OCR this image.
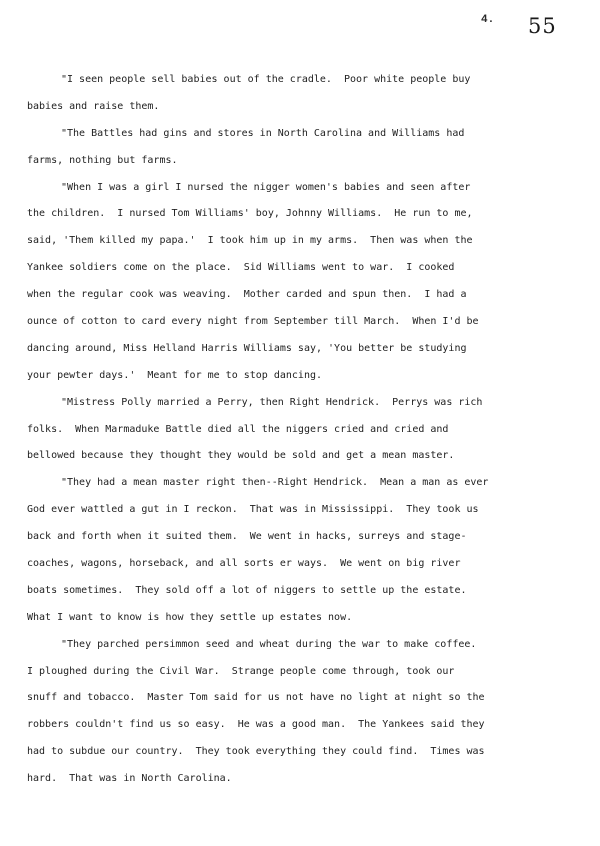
4. 55
"I seen people sell babies out of the cradle.  Poor white people buy
babies and raise them.
"The Battles had gins and stores in North Carolina and Williams had
farms, nothing but farms.
"When I was a girl I nursed the nigger women's babies and seen after
the children.  I nursed Tom Williams' boy, Johnny Williams.  He run to me,
said, 'Them killed my papa.'  I took him up in my arms.  Then was when the
Yankee soldiers come on the place.  Sid Williams went to war.  I cooked
when the regular cook was weaving.  Mother carded and spun then.  I had a
ounce of cotton to card every night from September till March.  When I'd be
dancing around, Miss Helland Harris Williams say, 'You better be studying
your pewter days.'  Meant for me to stop dancing.
"Mistress Polly married a Perry, then Right Hendrick.  Perrys was rich
folks.  When Marmaduke Battle died all the niggers cried and cried and
bellowed because they thought they would be sold and get a mean master.
"They had a mean master right then--Right Hendrick.  Mean a man as ever
God ever wattled a gut in I reckon.  That was in Mississippi.  They took us
back and forth when it suited them.  We went in hacks, surreys and stage-
coaches, wagons, horseback, and all sorts er ways.  We went on big river
boats sometimes.  They sold off a lot of niggers to settle up the estate.
What I want to know is how they settle up estates now.
"They parched persimmon seed and wheat during the war to make coffee.
I ploughed during the Civil War.  Strange people come through, took our
snuff and tobacco.  Master Tom said for us not have no light at night so the
robbers couldn't find us so easy.  He was a good man.  The Yankees said they
had to subdue our country.  They took everything they could find.  Times was
hard.  That was in North Carolina.
